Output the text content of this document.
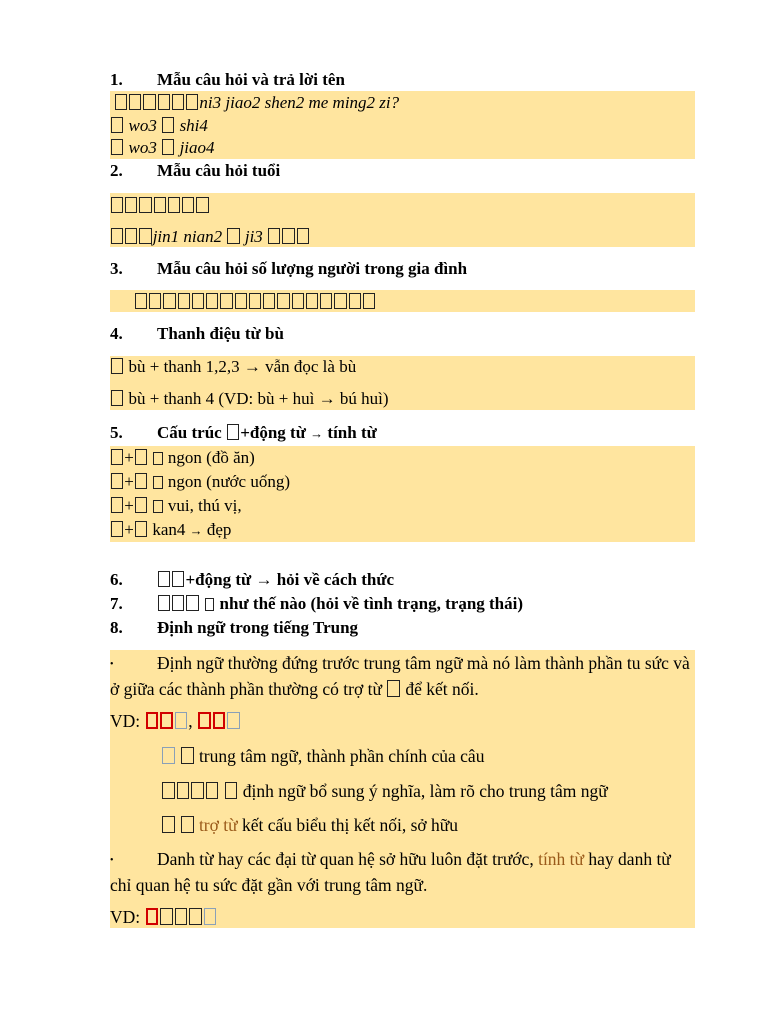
1. Mẫu câu hỏi và trả lời tên
ni3 jiao2 shen2 me ming2 zi?
wo3 shi4
wo3 jiao4
2. Mẫu câu hỏi tuổi
jin1 nian2 ji3
3. Mẫu câu hỏi số lượng người trong gia đình
4. Thanh điệu từ bù
bù + thanh 1,2,3 → vẫn đọc là bù
bù + thanh 4 (VD: bù + huì → bú huì)
5. Cấu trúc +động từ → tính từ
+ ngon (đồ ăn)
+ ngon (nước uống)
+ vui, thú vị,
+ kan4 → đẹp
6.	+động từ → hỏi về cách thức
7.	như thế nào (hỏi về tình trạng, trạng thái)
8. Định ngữ trong tiếng Trung
• Định ngữ thường đứng trước trung tâm ngữ mà nó làm thành phần tu sức và ở giữa các thành phần thường có trợ từ để kết nối.
VD:	,
trung tâm ngữ, thành phần chính của câu
định ngữ bổ sung ý nghĩa, làm rõ cho trung tâm ngữ
trợ từ kết cấu biểu thị kết nối, sở hữu
• Danh từ hay các đại từ quan hệ sở hữu luôn đặt trước, tính từ hay danh từ chỉ quan hệ tu sức đặt gần với trung tâm ngữ.
VD:
